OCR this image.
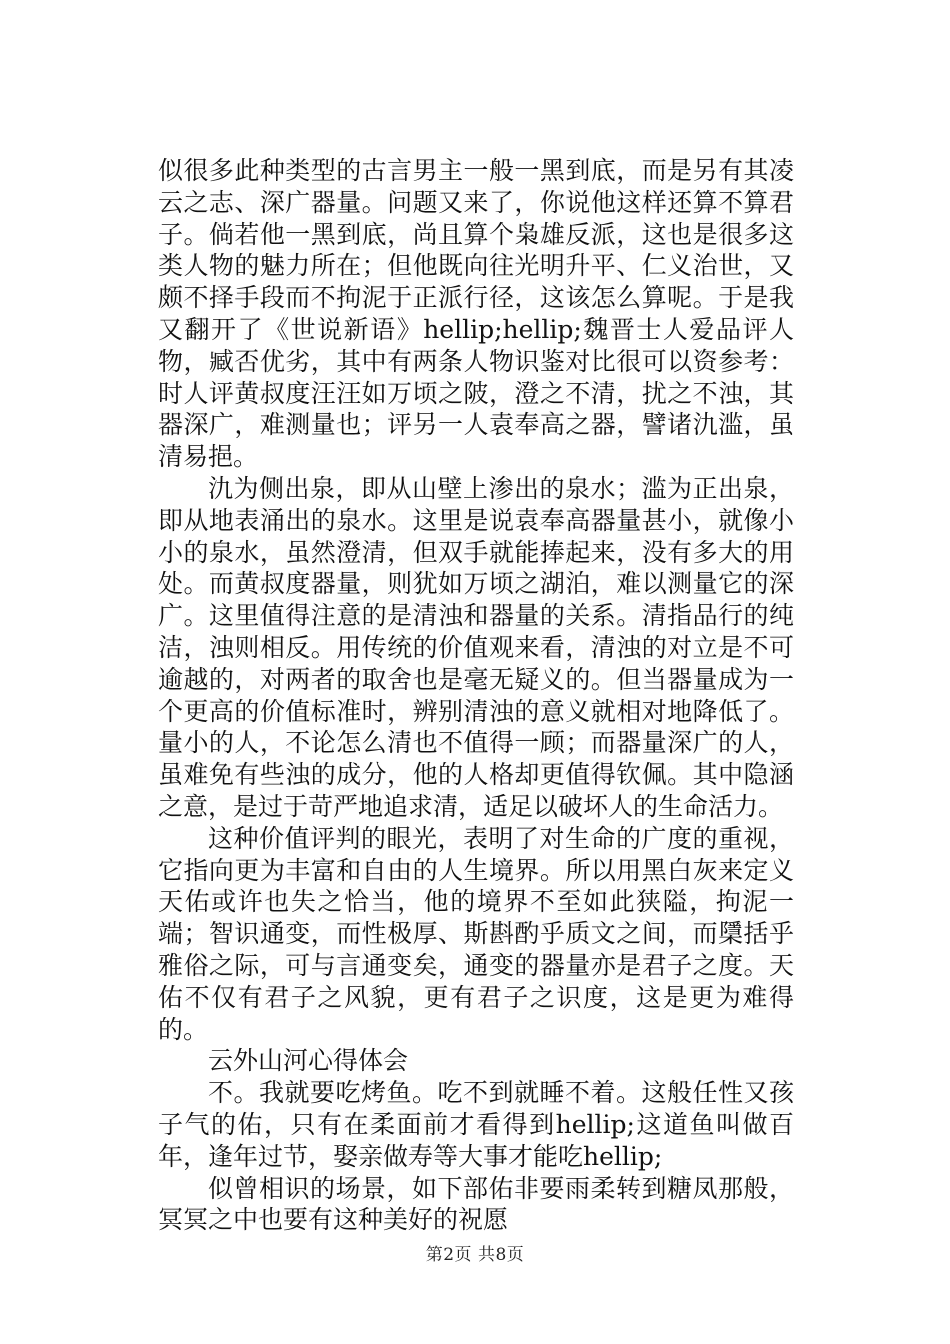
似很多此种类型的古言男主一般一黑到底，而是另有其凌云之志、深广器量。问题又来了，你说他这样还算不算君子。倘若他一黑到底，尚且算个枭雄反派，这也是很多这类人物的魅力所在；但他既向往光明升平、仁义治世，又颇不择手段而不拘泥于正派行径，这该怎么算呢。于是我又翻开了《世说新语》hellip;hellip;魏晋士人爱品评人物，臧否优劣，其中有两条人物识鉴对比很可以资参考：时人评黄叔度汪汪如万顷之陂，澄之不清，扰之不浊，其器深广，难测量也；评另一人袁奉高之器，譬诸氿滥，虽清易挹。

氿为侧出泉，即从山壁上渗出的泉水；滥为正出泉，即从地表涌出的泉水。这里是说袁奉高器量甚小，就像小小的泉水，虽然澄清，但双手就能捧起来，没有多大的用处。而黄叔度器量，则犹如万顷之湖泊，难以测量它的深广。这里值得注意的是清浊和器量的关系。清指品行的纯洁，浊则相反。用传统的价值观来看，清浊的对立是不可逾越的，对两者的取舍也是毫无疑义的。但当器量成为一个更高的价值标准时，辨别清浊的意义就相对地降低了。量小的人，不论怎么清也不值得一顾；而器量深广的人，虽难免有些浊的成分，他的人格却更值得钦佩。其中隐涵之意，是过于苛严地追求清，适足以破坏人的生命活力。

这种价值评判的眼光，表明了对生命的广度的重视，它指向更为丰富和自由的人生境界。所以用黑白灰来定义天佑或许也失之恰当，他的境界不至如此狭隘，拘泥一端；智识通变，而性极厚、斯斟酌乎质文之间，而檃括乎雅俗之际，可与言通变矣，通变的器量亦是君子之度。天佑不仅有君子之风貌，更有君子之识度，这是更为难得的。

云外山河心得体会

不。我就要吃烤鱼。吃不到就睡不着。这般任性又孩子气的佑，只有在柔面前才看得到hellip;这道鱼叫做百年，逢年过节，娶亲做寿等大事才能吃hellip;

似曾相识的场景，如下部佑非要雨柔转到糖凤那般，冥冥之中也要有这种美好的祝愿

第2页 共8页
